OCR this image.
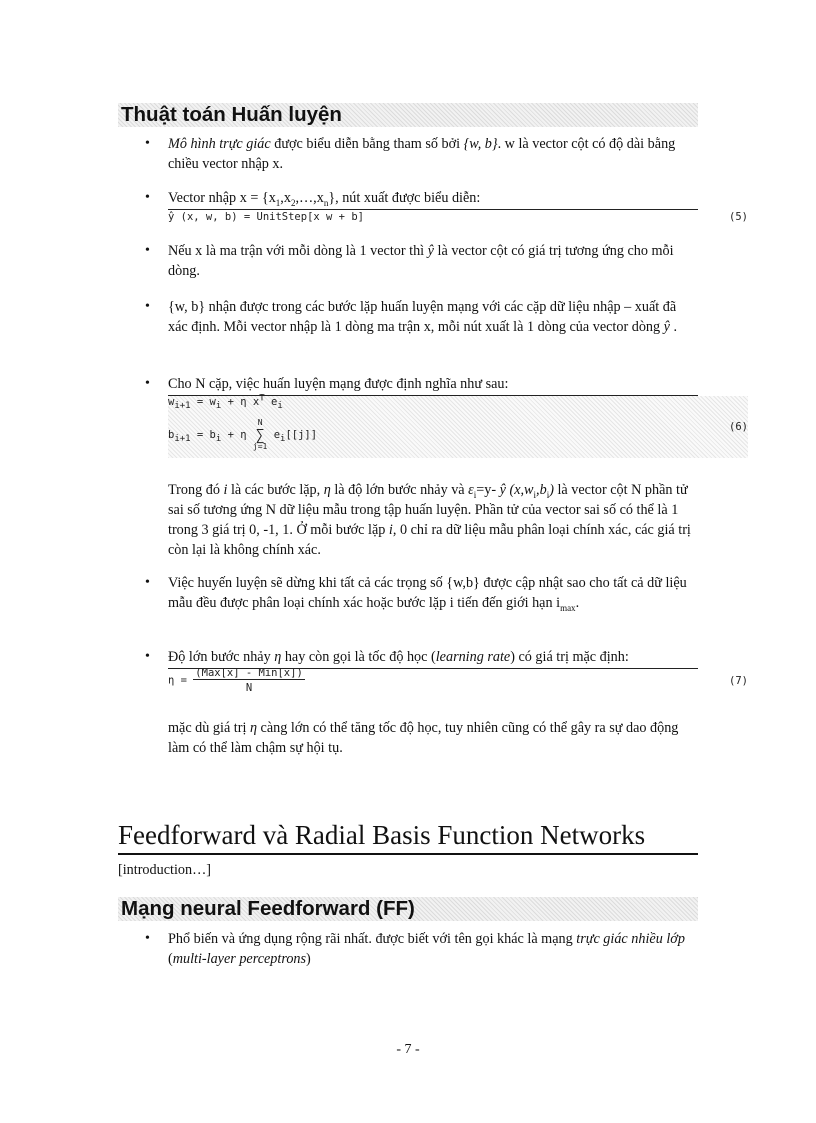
Thuật toán Huấn luyện
• Mô hình trực giác được biểu diễn bằng tham số bởi {w, b}. w là vector cột có độ dài bằng chiều vector nhập x.
• Vector nhập $x = \{x_1,x_2,\dots,x_n\}$, nút xuất được biểu diễn:
ŷ (x, w, b) = UnitStep[x w + b]	(5)
• Nếu x là ma trận với mỗi dòng là 1 vector thì ŷ là vector cột có giá trị tương ứng cho mỗi dòng.
• {w, b} nhận được trong các bước lặp huấn luyện mạng với các cặp dữ liệu nhập – xuất đã xác định. Mỗi vector nhập là 1 dòng ma trận x, mỗi nút xuất là 1 dòng của vector dòng ŷ .
• Cho N cặp, việc huấn luyện mạng được định nghĩa như sau:
$w_{i+1} = w_i + \eta$ $x^T$ $e_i$
$b_{i+1} = b_i + \eta$
N
∑
j=1
$e_i[[j]]$
(6)
Trong đó i là các bước lặp, η là độ lớn bước nhảy và $\varepsilon_i=y-$ ŷ $(x,w_i,b_i)$ là vector cột N phần tử sai số tương ứng N dữ liệu mẫu trong tập huấn luyện. Phần tử của vector sai số có thể là 1 trong 3 giá trị 0, -1, 1. Ở mỗi bước lặp i, 0 chỉ ra dữ liệu mẫu phân loại chính xác, các giá trị còn lại là không chính xác.
• Việc huyến luyện sẽ dừng khi tất cả các trọng số {w,b} được cập nhật sao cho tất cả dữ liệu mẫu đều được phân loại chính xác hoặc bước lặp i tiến đến giới hạn $i_{max}$.
• Độ lớn bước nhảy η hay còn gọi là tốc độ học (learning rate) có giá trị mặc định:
$\eta = \frac{\text{(Max[x] - Min[x])}}{N}$	(7)
mặc dù giá trị η càng lớn có thể tăng tốc độ học, tuy nhiên cũng có thể gây ra sự dao động làm có thể làm chậm sự hội tụ.
Feedforward và Radial Basis Function Networks
[introduction…]
Mạng neural Feedforward (FF)
• Phổ biến và ứng dụng rộng rãi nhất. được biết với tên gọi khác là mạng trực giác nhiều lớp (multi-layer perceptrons)
- 7 -
